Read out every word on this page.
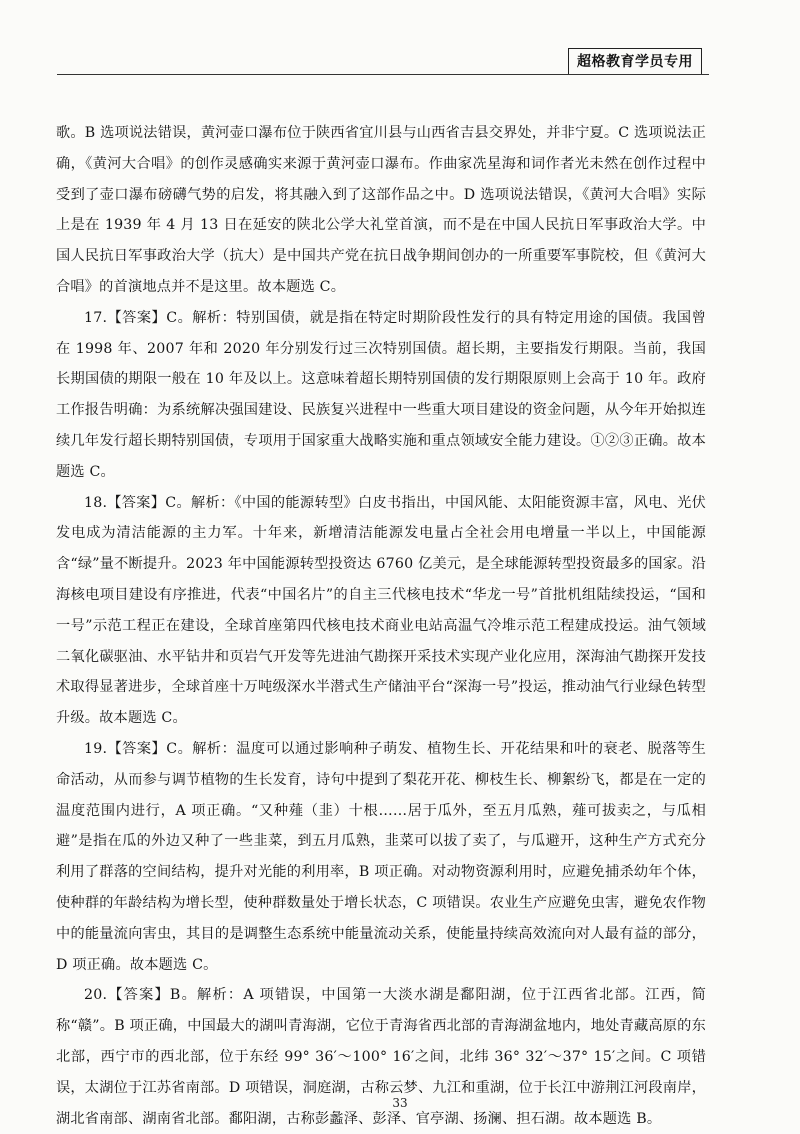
超格教育学员专用

歌。B 选项说法错误，黄河壶口瀑布位于陕西省宜川县与山西省吉县交界处，并非宁夏。C 选项说法正确，《黄河大合唱》的创作灵感确实来源于黄河壶口瀑布。作曲家冼星海和词作者光未然在创作过程中受到了壶口瀑布磅礴气势的启发，将其融入到了这部作品之中。D 选项说法错误，《黄河大合唱》实际上是在 1939 年 4 月 13 日在延安的陕北公学大礼堂首演，而不是在中国人民抗日军事政治大学。中国人民抗日军事政治大学（抗大）是中国共产党在抗日战争期间创办的一所重要军事院校，但《黄河大合唱》的首演地点并不是这里。故本题选 C。

17.【答案】C。解析：特别国债，就是指在特定时期阶段性发行的具有特定用途的国债。我国曾在 1998 年、2007 年和 2020 年分别发行过三次特别国债。超长期，主要指发行期限。当前，我国长期国债的期限一般在 10 年及以上。这意味着超长期特别国债的发行期限原则上会高于 10 年。政府工作报告明确：为系统解决强国建设、民族复兴进程中一些重大项目建设的资金问题，从今年开始拟连续几年发行超长期特别国债，专项用于国家重大战略实施和重点领域安全能力建设。①②③正确。故本题选 C。

18.【答案】C。解析：《中国的能源转型》白皮书指出，中国风能、太阳能资源丰富，风电、光伏发电成为清洁能源的主力军。十年来，新增清洁能源发电量占全社会用电增量一半以上，中国能源含“绿”量不断提升。2023 年中国能源转型投资达 6760 亿美元，是全球能源转型投资最多的国家。沿海核电项目建设有序推进，代表“中国名片”的自主三代核电技术“华龙一号”首批机组陆续投运，“国和一号”示范工程正在建设，全球首座第四代核电技术商业电站高温气冷堆示范工程建成投运。油气领域二氧化碳驱油、水平钻井和页岩气开发等先进油气勘探开采技术实现产业化应用，深海油气勘探开发技术取得显著进步，全球首座十万吨级深水半潜式生产储油平台“深海一号”投运，推动油气行业绿色转型升级。故本题选 C。

19.【答案】C。解析：温度可以通过影响种子萌发、植物生长、开花结果和叶的衰老、脱落等生命活动，从而参与调节植物的生长发育，诗句中提到了梨花开花、柳枝生长、柳絮纷飞，都是在一定的温度范围内进行，A 项正确。“又种薤（韭）十根……居于瓜外，至五月瓜熟，薤可拔卖之，与瓜相避”是指在瓜的外边又种了一些韭菜，到五月瓜熟，韭菜可以拔了卖了，与瓜避开，这种生产方式充分利用了群落的空间结构，提升对光能的利用率，B 项正确。对动物资源利用时，应避免捕杀幼年个体，使种群的年龄结构为增长型，使种群数量处于增长状态，C 项错误。农业生产应避免虫害，避免农作物中的能量流向害虫，其目的是调整生态系统中能量流动关系，使能量持续高效流向对人最有益的部分，D 项正确。故本题选 C。

20.【答案】B。解析：A 项错误，中国第一大淡水湖是鄱阳湖，位于江西省北部。江西，简称“赣”。B 项正确，中国最大的湖叫青海湖，它位于青海省西北部的青海湖盆地内，地处青藏高原的东北部，西宁市的西北部，位于东经 99° 36′～100° 16′之间，北纬 36° 32′～37° 15′之间。C 项错误，太湖位于江苏省南部。D 项错误，洞庭湖，古称云梦、九江和重湖，位于长江中游荆江河段南岸，湖北省南部、湖南省北部。鄱阳湖，古称彭蠡泽、彭泽、官亭湖、扬澜、担石湖。故本题选 B。

33
